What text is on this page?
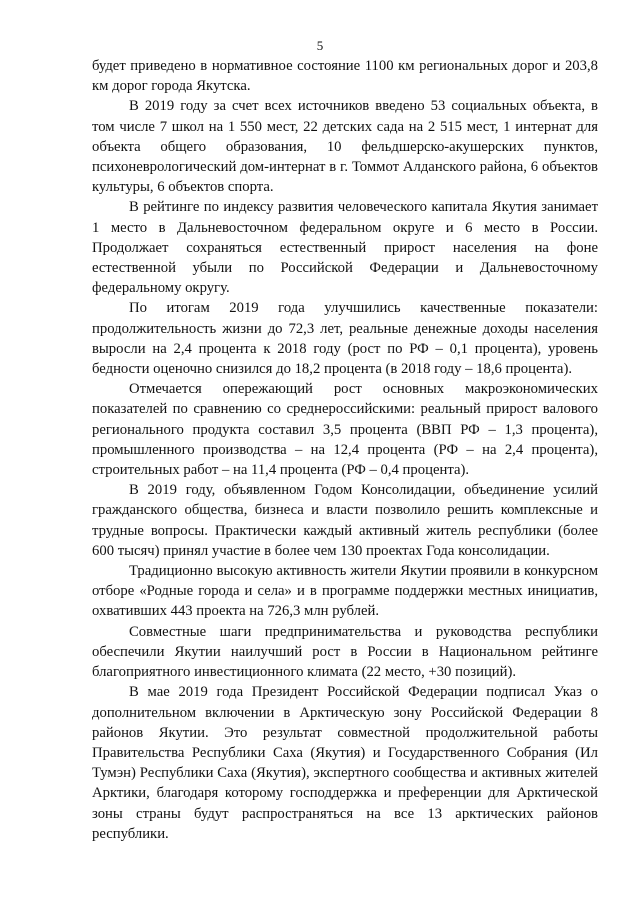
5

будет приведено в нормативное состояние 1100 км региональных дорог и 203,8 км дорог города Якутска.

В 2019 году за счет всех источников введено 53 социальных объекта, в том числе 7 школ на 1 550 мест, 22 детских сада на 2 515 мест, 1 интернат для объекта общего образования, 10 фельдшерско-акушерских пунктов, психоневрологический дом-интернат в г. Томмот Алданского района, 6 объектов культуры, 6 объектов спорта.

В рейтинге по индексу развития человеческого капитала Якутия занимает 1 место в Дальневосточном федеральном округе и 6 место в России. Продолжает сохраняться естественный прирост населения на фоне естественной убыли по Российской Федерации и Дальневосточному федеральному округу.

По итогам 2019 года улучшились качественные показатели: продолжительность жизни до 72,3 лет, реальные денежные доходы населения выросли на 2,4 процента к 2018 году (рост по РФ – 0,1 процента), уровень бедности оценочно снизился до 18,2 процента (в 2018 году – 18,6 процента).

Отмечается опережающий рост основных макроэкономических показателей по сравнению со среднероссийскими: реальный прирост валового регионального продукта составил 3,5 процента (ВВП РФ – 1,3 процента), промышленного производства – на 12,4 процента (РФ – на 2,4 процента), строительных работ – на 11,4 процента (РФ – 0,4 процента).

В 2019 году, объявленном Годом Консолидации, объединение усилий гражданского общества, бизнеса и власти позволило решить комплексные и трудные вопросы. Практически каждый активный житель республики (более 600 тысяч) принял участие в более чем 130 проектах Года консолидации.

Традиционно высокую активность жители Якутии проявили в конкурсном отборе «Родные города и села» и в программе поддержки местных инициатив, охвативших 443 проекта на 726,3 млн рублей.

Совместные шаги предпринимательства и руководства республики обеспечили Якутии наилучший рост в России в Национальном рейтинге благоприятного инвестиционного климата (22 место, +30 позиций).

В мае 2019 года Президент Российской Федерации подписал Указ о дополнительном включении в Арктическую зону Российской Федерации 8 районов Якутии. Это результат совместной продолжительной работы Правительства Республики Саха (Якутия) и Государственного Собрания (Ил Тумэн) Республики Саха (Якутия), экспертного сообщества и активных жителей Арктики, благодаря которому господдержка и преференции для Арктической зоны страны будут распространяться на все 13 арктических районов республики.
